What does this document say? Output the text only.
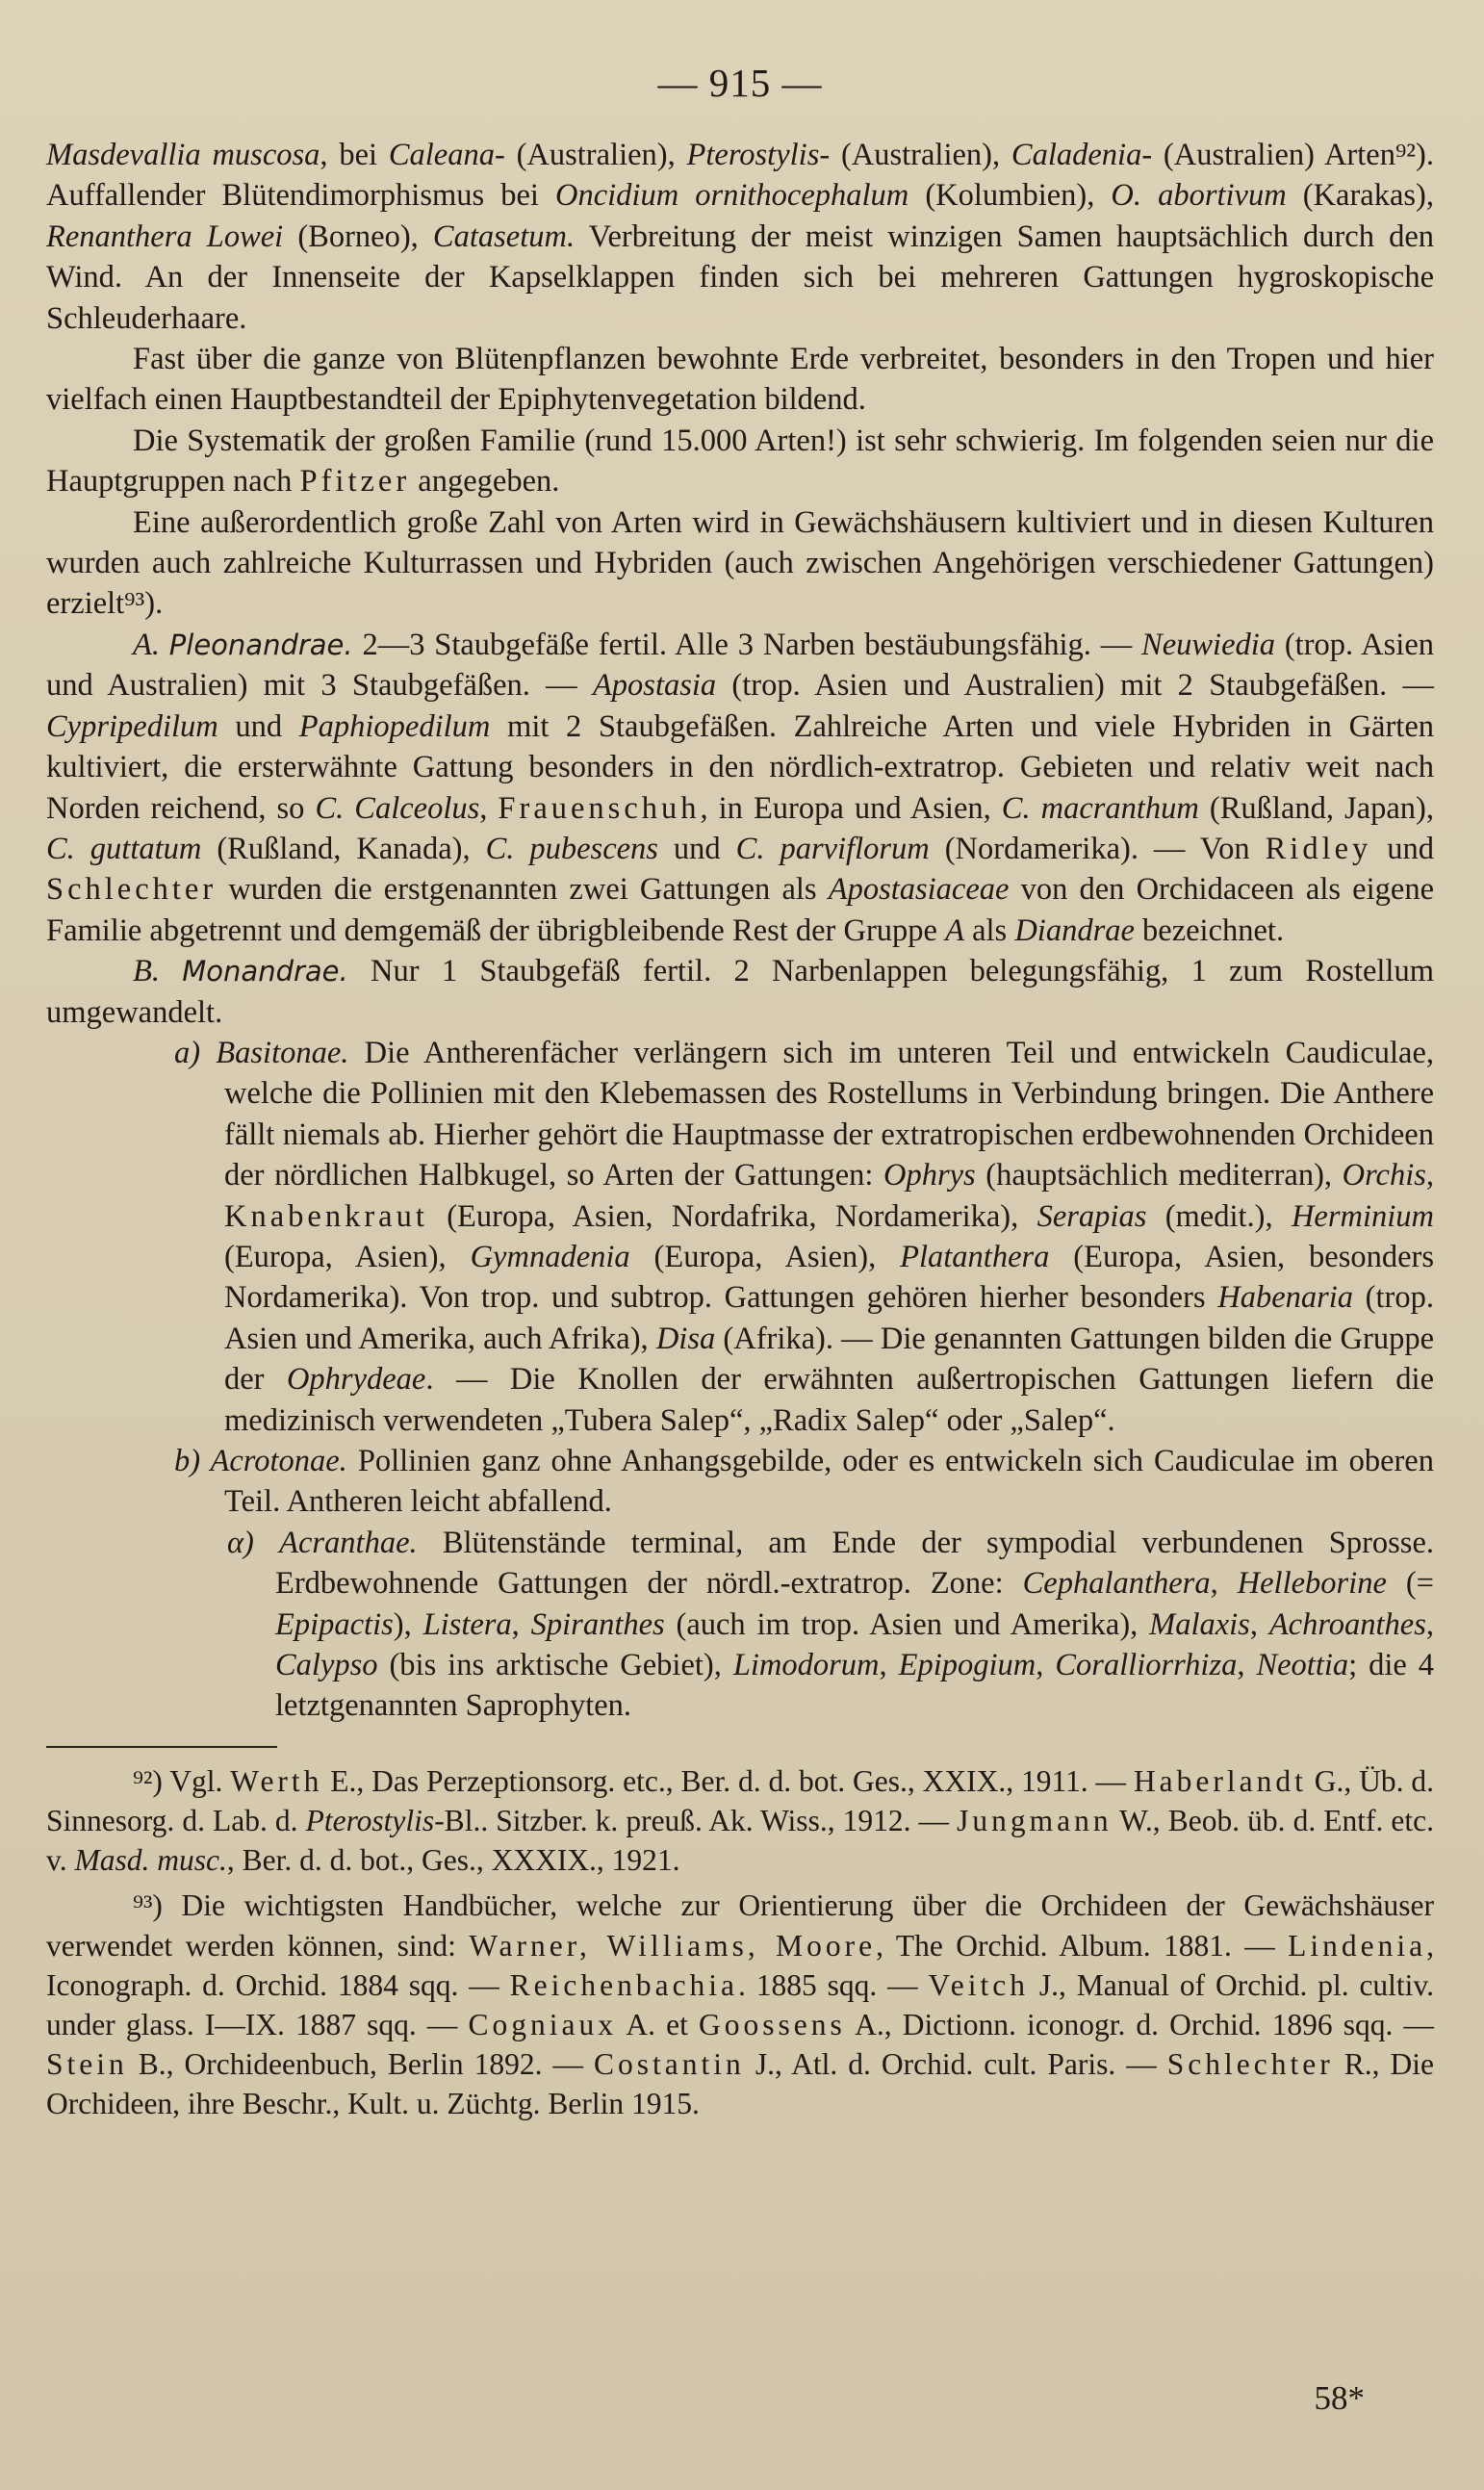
— 915 —

Masdevallia muscosa, bei Caleana- (Australien), Pterostylis- (Australien), Caladenia- (Australien) Arten⁹²). Auffallender Blütendimorphismus bei Oncidium ornithocephalum (Kolumbien), O. abortivum (Karakas), Renanthera Lowei (Borneo), Catasetum. Verbreitung der meist winzigen Samen hauptsächlich durch den Wind. An der Innenseite der Kapselklappen finden sich bei mehreren Gattungen hygroskopische Schleuderhaare.

Fast über die ganze von Blütenpflanzen bewohnte Erde verbreitet, besonders in den Tropen und hier vielfach einen Hauptbestandteil der Epiphytenvegetation bildend.

Die Systematik der großen Familie (rund 15.000 Arten!) ist sehr schwierig. Im folgenden seien nur die Hauptgruppen nach Pfitzer angegeben.

Eine außerordentlich große Zahl von Arten wird in Gewächshäusern kultiviert und in diesen Kulturen wurden auch zahlreiche Kulturrassen und Hybriden (auch zwischen Angehörigen verschiedener Gattungen) erzielt⁹³).

A. Pleonandrae. 2—3 Staubgefäße fertil. Alle 3 Narben bestäubungsfähig. — Neuwiedia (trop. Asien und Australien) mit 3 Staubgefäßen. — Apostasia (trop. Asien und Australien) mit 2 Staubgefäßen. — Cypripedilum und Paphiopedilum mit 2 Staubgefäßen. Zahlreiche Arten und viele Hybriden in Gärten kultiviert, die ersterwähnte Gattung besonders in den nördlich-extratrop. Gebieten und relativ weit nach Norden reichend, so C. Calceolus, Frauenschuh, in Europa und Asien, C. macranthum (Rußland, Japan), C. guttatum (Rußland, Kanada), C. pubescens und C. parviflorum (Nordamerika). — Von Ridley und Schlechter wurden die erstgenannten zwei Gattungen als Apostasiaceae von den Orchidaceen als eigene Familie abgetrennt und demgemäß der übrigbleibende Rest der Gruppe A als Diandrae bezeichnet.

B. Monandrae. Nur 1 Staubgefäß fertil. 2 Narbenlappen belegungsfähig, 1 zum Rostellum umgewandelt.

a) Basitonae. Die Antherenfächer verlängern sich im unteren Teil und entwickeln Caudiculae, welche die Pollinien mit den Klebemassen des Rostellums in Verbindung bringen. Die Anthere fällt niemals ab. Hierher gehört die Hauptmasse der extratropischen erdbewohnenden Orchideen der nördlichen Halbkugel, so Arten der Gattungen: Ophrys (hauptsächlich mediterran), Orchis, Knabenkraut (Europa, Asien, Nordafrika, Nordamerika), Serapias (medit.), Herminium (Europa, Asien), Gymnadenia (Europa, Asien), Platanthera (Europa, Asien, besonders Nordamerika). Von trop. und subtrop. Gattungen gehören hierher besonders Habenaria (trop. Asien und Amerika, auch Afrika), Disa (Afrika). — Die genannten Gattungen bilden die Gruppe der Ophrydeae. — Die Knollen der erwähnten außertropischen Gattungen liefern die medizinisch verwendeten „Tubera Salep“, „Radix Salep“ oder „Salep“.

b) Acrotonae. Pollinien ganz ohne Anhangsgebilde, oder es entwickeln sich Caudiculae im oberen Teil. Antheren leicht abfallend.

α) Acranthae. Blütenstände terminal, am Ende der sympodial verbundenen Sprosse. Erdbewohnende Gattungen der nördl.-extratrop. Zone: Cephalanthera, Helleborine (= Epipactis), Listera, Spiranthes (auch im trop. Asien und Amerika), Malaxis, Achroanthes, Calypso (bis ins arktische Gebiet), Limodorum, Epipogium, Coralliorrhiza, Neottia; die 4 letztgenannten Saprophyten.

⁹²) Vgl. Werth E., Das Perzeptionsorg. etc., Ber. d. d. bot. Ges., XXIX., 1911. — Haberlandt G., Üb. d. Sinnesorg. d. Lab. d. Pterostylis-Bl.. Sitzber. k. preuß. Ak. Wiss., 1912. — Jungmann W., Beob. üb. d. Entf. etc. v. Masd. musc., Ber. d. d. bot., Ges., XXXIX., 1921.

⁹³) Die wichtigsten Handbücher, welche zur Orientierung über die Orchideen der Gewächshäuser verwendet werden können, sind: Warner, Williams, Moore, The Orchid. Album. 1881. — Lindenia, Iconograph. d. Orchid. 1884 sqq. — Reichenbachia. 1885 sqq. — Veitch J., Manual of Orchid. pl. cultiv. under glass. I—IX. 1887 sqq. — Cogniaux A. et Goossens A., Dictionn. iconogr. d. Orchid. 1896 sqq. — Stein B., Orchideenbuch, Berlin 1892. — Costantin J., Atl. d. Orchid. cult. Paris. — Schlechter R., Die Orchideen, ihre Beschr., Kult. u. Züchtg. Berlin 1915.

58*
